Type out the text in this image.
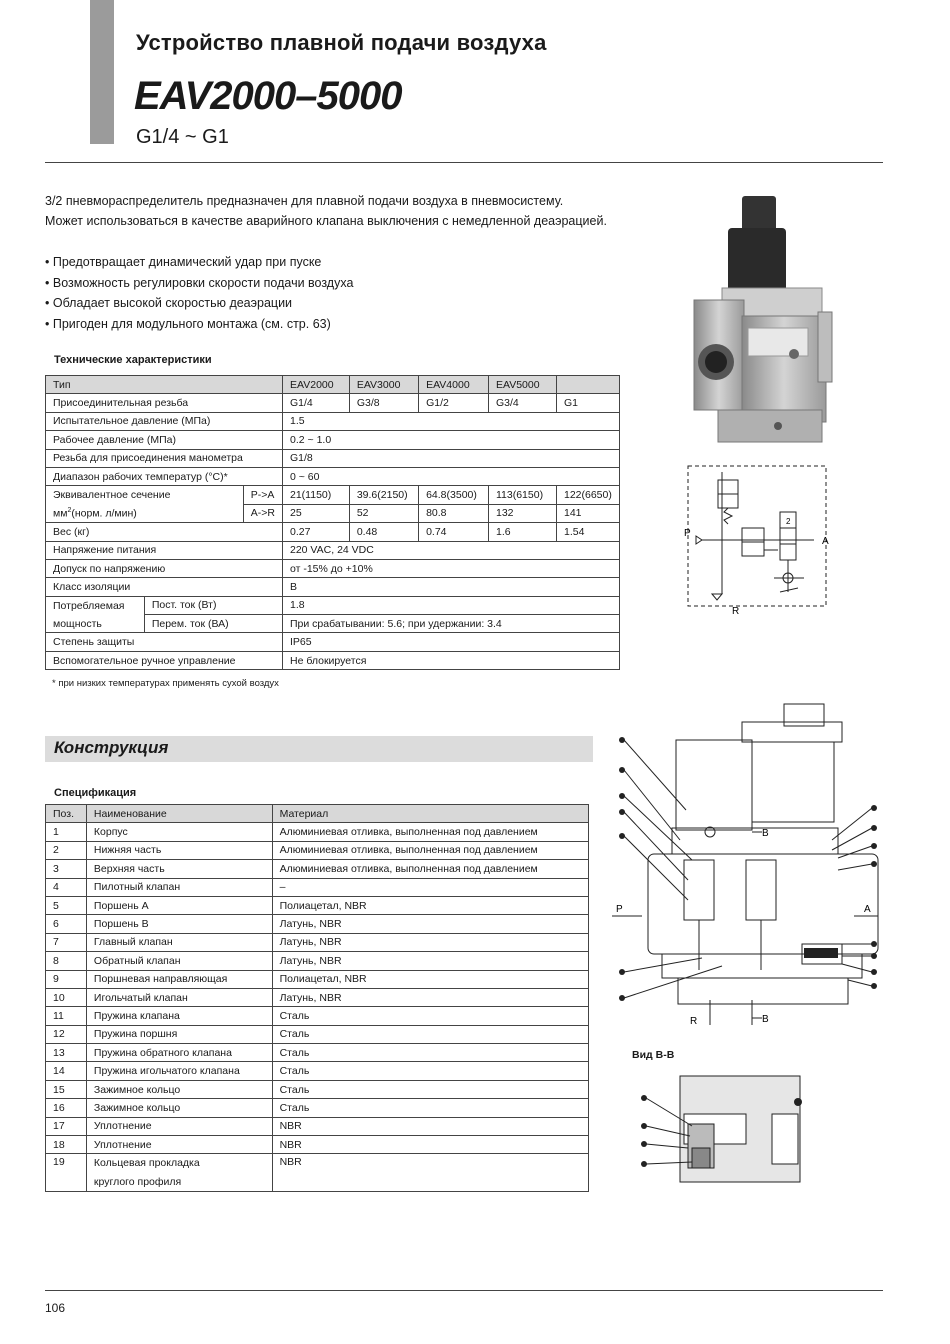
Устройство плавной подачи воздуха
EAV2000–5000
G1/4 ~ G1
3/2 пневмораспределитель предназначен для плавной подачи воздуха в пневмосистему.
Может использоваться в качестве аварийного клапана выключения с немедленной деаэрацией.
• Предотвращает динамический удар при пуске
• Возможность регулировки скорости подачи воздуха
• Обладает высокой скоростью деаэрации
• Пригоден для модульного монтажа (см. стр. 63)
Технические характеристики
Тип			EAV2000	EAV3000	EAV4000	EAV5000	
Присоединительная резьба			G1/4	G3/8	G1/2	G3/4	G1
Испытательное давление (МПа)			1.5				
Рабочее давление (МПа)			0.2 ~ 1.0				
Резьба для присоединения манометра			G1/8				
Диапазон рабочих температур (°C)*			0 ~ 60				
Эквивалентное сечение		P->A	21(1150)	39.6(2150)	64.8(3500)	113(6150)	122(6650)
$мм^2(норм$. л/мин)		A->R	25	52	80.8	132	141
Вес (кг)			0.27	0.48	0.74	1.6	1.54
Напряжение питания			220 VAC, 24 VDC				
Допуск по напряжению			от -15% до +10%				
Класс изоляции			B				
Потребляемая	Пост. ток (Вт)		1.8				
мощность	Перем. ток (ВА)		При срабатывании: 5.6; при удержании: 3.4				
Степень защиты			IP65				
Вспомогательное ручное управление			Не блокируется				
* при низких температурах применять сухой воздух
P
A
R
2
Конструкция
Спецификация
Поз.	Наименование	Материал
1	Корпус	Алюминиевая отливка, выполненная под давлением
2	Нижняя часть	Алюминиевая отливка, выполненная под давлением
3	Верхняя часть	Алюминиевая отливка, выполненная под давлением
4	Пилотный клапан	–
5	Поршень А	Полиацетал, NBR
6	Поршень В	Латунь, NBR
7	Главный клапан	Латунь, NBR
8	Обратный клапан	Латунь, NBR
9	Поршневая направляющая	Полиацетал, NBR
10	Игольчатый клапан	Латунь, NBR
11	Пружина клапана	Сталь
12	Пружина поршня	Сталь
13	Пружина обратного клапана	Сталь
14	Пружина игольчатого клапана	Сталь
15	Зажимное кольцо	Сталь
16	Зажимное кольцо	Сталь
17	Уплотнение	NBR
18	Уплотнение	NBR
19	Кольцевая прокладка
круглого профиля	NBR
P	A
R	B
B
Вид В-В
106
